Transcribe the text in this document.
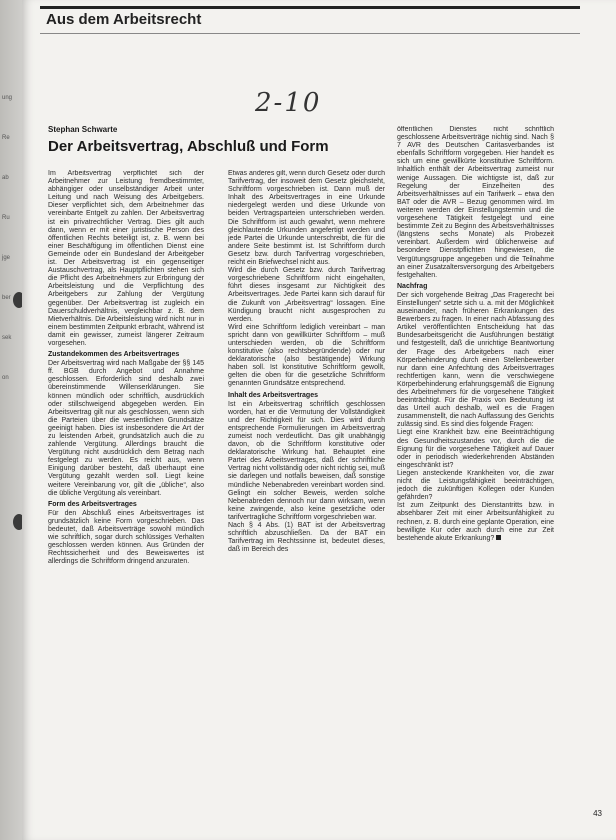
ung
Re
ab
Ru
jge
ber
sek
on
Aus dem Arbeitsrecht
2-10
Stephan Schwarte
Der Arbeitsvertrag, Abschluß und Form

Im Arbeitsvertrag verpflichtet sich der Arbeitnehmer zur Leistung fremdbestimmter, abhängiger oder unselbständiger Arbeit unter Leitung und nach Weisung des Arbeitgebers. Dieser verpflichtet sich, dem Arbeitnehmer das vereinbarte Entgelt zu zahlen. Der Arbeitsvertrag ist ein privatrechtlicher Vertrag. Dies gilt auch dann, wenn er mit einer juristische Person des öffentlichen Rechts beteiligt ist, z. B. wenn bei einer Beschäftigung im öffentlichen Dienst eine Gemeinde oder ein Bundesland der Arbeitgeber ist. Der Arbeitsvertrag ist ein gegenseitiger Austauschvertrag, als Hauptpflichten stehen sich die Pflicht des Arbeitnehmers zur Erbringung der Arbeitsleistung und die Verpflichtung des Arbeitgebers zur Zahlung der Vergütung gegenüber. Der Arbeitsvertrag ist zugleich ein Dauerschuldverhältnis, vergleichbar z. B. dem Mietverhältnis. Die Arbeitsleistung wird nicht nur in einem bestimmten Zeitpunkt erbracht, während ist damit ein gewisser, zumeist längerer Zeitraum vorgesehen.

Zustandekommen des Arbeitsvertrages

Der Arbeitsvertrag wird nach Maßgabe der §§ 145 ff. BGB durch Angebot und Annahme geschlossen. Erforderlich sind deshalb zwei übereinstimmende Willenserklärungen. Sie können mündlich oder schriftlich, ausdrücklich oder stillschweigend abgegeben werden. Ein Arbeitsvertrag gilt nur als geschlossen, wenn sich die Parteien über die wesentlichen Grundsätze geeinigt haben. Dies ist insbesondere die Art der zu leistenden Arbeit, grundsätzlich auch die zu zahlende Vergütung. Allerdings braucht die Vergütung nicht ausdrücklich dem Betrag nach festgelegt zu werden. Es reicht aus, wenn Einigung darüber besteht, daß überhaupt eine Vergütung gezahlt werden soll. Liegt keine weitere Vereinbarung vor, gilt die „übliche“, also die übliche Vergütung als vereinbart.

Form des Arbeitsvertrages

Für den Abschluß eines Arbeitsvertrages ist grundsätzlich keine Form vorgeschrieben. Das bedeutet, daß Arbeitsverträge sowohl mündlich wie schriftlich, sogar durch schlüssiges Verhalten geschlossen werden können. Aus Gründen der Rechtssicherheit und des Beweiswertes ist allerdings die Schriftform dringend anzuraten.

Etwas anderes gilt, wenn durch Gesetz oder durch Tarifvertrag, der insoweit dem Gesetz gleichsteht, Schriftform vorgeschrieben ist. Dann muß der Inhalt des Arbeitsvertrages in eine Urkunde niedergelegt werden und diese Urkunde von beiden Vertragsparteien unterschrieben werden. Die Schriftform ist auch gewahrt, wenn mehrere gleichlautende Urkunden angefertigt werden und jede Partei die Urkunde unterschreibt, die für die andere Seite bestimmt ist. Ist Schriftform durch Gesetz bzw. durch Tarifvertrag vorgeschrieben, reicht ein Briefwechsel nicht aus.

Wird die durch Gesetz bzw. durch Tarifvertrag vorgeschriebene Schriftform nicht eingehalten, führt dieses insgesamt zur Nichtigkeit des Arbeitsvertrages. Jede Partei kann sich darauf für die Zukunft von „Arbeitsvertrag“ lossagen. Eine Kündigung braucht nicht ausgesprochen zu werden.

Wird eine Schriftform lediglich vereinbart – man spricht dann von gewillkürter Schriftform – muß unterschieden werden, ob die Schriftform konstitutive (also rechtsbegründende) oder nur deklaratorische (also bestätigende) Wirkung haben soll. Ist konstitutive Schriftform gewollt, gelten die oben für die gesetzliche Schriftform genannten Grundsätze entsprechend.

Inhalt des Arbeitsvertrages

Ist ein Arbeitsvertrag schriftlich geschlossen worden, hat er die Vermutung der Vollständigkeit und der Richtigkeit für sich. Dies wird durch entsprechende Formulierungen im Arbeitsvertrag zumeist noch verdeutlicht. Das gilt unabhängig davon, ob die Schriftform konstitutive oder deklaratorische Wirkung hat. Behauptet eine Partei des Arbeitsvertrages, daß der schriftliche Vertrag nicht vollständig oder nicht richtig sei, muß sie darlegen und notfalls beweisen, daß sonstige mündliche Nebenabreden vereinbart worden sind. Gelingt ein solcher Beweis, werden solche Nebenabreden dennoch nur dann wirksam, wenn keine zwingende, also keine gesetzliche oder tarifvertragliche Schriftform vorgeschrieben war.

Nach § 4 Abs. (1) BAT ist der Arbeitsvertrag schriftlich abzuschließen. Da der BAT ein Tarifvertrag im Rechtssinne ist, bedeutet dieses, daß im Bereich des

öffentlichen Dienstes nicht schriftlich geschlossene Arbeitsverträge nichtig sind. Nach § 7 AVR des Deutschen Caritasverbandes ist ebenfalls Schriftform vorgegeben. Hier handelt es sich um eine gewillkürte konstitutive Schriftform. Inhaltlich enthält der Arbeitsvertrag zumeist nur wenige Aussagen. Die wichtigste ist, daß zur Regelung der Einzelheiten des Arbeitsverhältnisses auf ein Tarifwerk – etwa den BAT oder die AVR – Bezug genommen wird. Im weiteren werden der Einstellungstermin und die vorgesehene Tätigkeit festgelegt und eine bestimmte Zeit zu Beginn des Arbeitsverhältnisses (längstens sechs Monate) als Probezeit vereinbart. Außerdem wird üblicherweise auf besondere Dienstpflichten hingewiesen, die Vergütungsgruppe angegeben und die Teilnahme an einer Zusatzaltersversorgung des Arbeitgebers festgehalten.

Nachfrag

Der sich vorgehende Beitrag „Das Fragerecht bei Einstellungen“ setzte sich u. a. mit der Möglichkeit auseinander, nach früheren Erkrankungen des Bewerbers zu fragen. In einer nach Abfassung des Artikel veröffentlichten Entscheidung hat das Bundesarbeitsgericht die Ausführungen bestätigt und festgestellt, daß die unrichtige Beantwortung der Frage des Arbeitgebers nach einer Körperbehinderung durch einen Stellenbewerber nur dann eine Anfechtung des Arbeitsvertrages rechtfertigen kann, wenn die verschwiegene Körperbehinderung erfahrungsgemäß die Eignung des Arbeitnehmers für die vorgesehene Tätigkeit beeinträchtigt. Für die Praxis von Bedeutung ist das Urteil auch deshalb, weil es die Fragen zusammenstellt, die nach Auffassung des Gerichts zulässig sind. Es sind dies folgende Fragen:

Liegt eine Krankheit bzw. eine Beeinträchtigung des Gesundheitszustandes vor, durch die die Eignung für die vorgesehene Tätigkeit auf Dauer oder in periodisch wiederkehrenden Abständen eingeschränkt ist?

Liegen ansteckende Krankheiten vor, die zwar nicht die Leistungsfähigkeit beeinträchtigen, jedoch die zukünftigen Kollegen oder Kunden gefährden?

Ist zum Zeitpunkt des Dienstantritts bzw. in absehbarer Zeit mit einer Arbeitsunfähigkeit zu rechnen, z. B. durch eine geplante Operation, eine bewilligte Kur oder auch durch eine zur Zeit bestehende akute Erkrankung?

43
